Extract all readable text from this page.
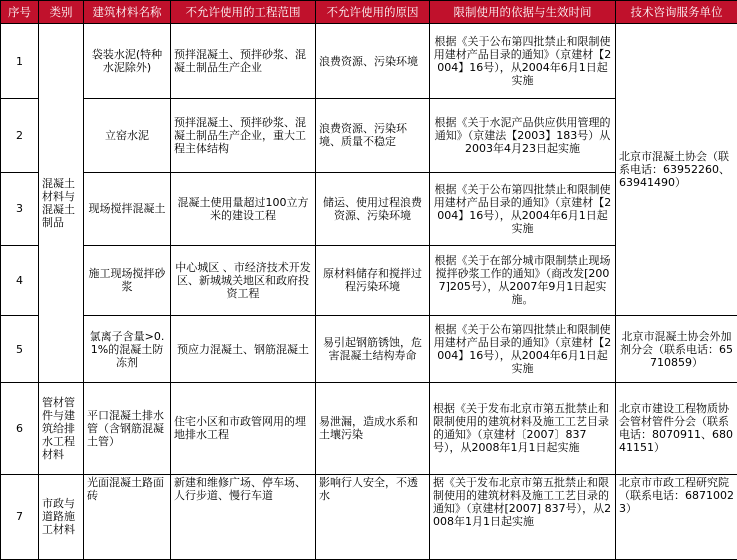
序号	类别	建筑材料名称	不允许使用的工程范围	不允许使用的原因	限制使用的依据与生效时间	技术咨询服务单位
1	混凝土材料与混凝土制品	袋装水泥(特种水泥除外)	预拌混凝土、预拌砂浆、混凝土制品生产企业	浪费资源、污染环境	根据《关于公布第四批禁止和限制使用建材产品目录的通知》（京建材【2004】16号），从2004年6月1日起实施	北京市混凝土协会（联系电话：63952260、63941490）
2		立窑水泥	预拌混凝土、预拌砂浆、混凝土制品生产企业，重大工程主体结构	浪费资源、污染环境、质量不稳定	根据《关于水泥产品供应供用管理的通知》（京建法【2003】183号）从2003年4月23日起实施	
3		现场搅拌混凝土	混凝土使用量超过100立方米的建设工程	储运、使用过程浪费资源、污染环境	根据《关于公布第四批禁止和限制使用建材产品目录的通知》（京建材【2004】16号），从2004年6月1日起实施	
4		施工现场搅拌砂浆	中心城区 、市经济技术开发区、新城城关地区和政府投资工程	原材料储存和搅拌过程污染环境	根据《关于在部分城市限制禁止现场搅拌砂浆工作的通知》（商改发[2007]205号），从2007年9月1日起实施。	
5		氯离子含量>0.1%的混凝土防冻剂	预应力混凝土、钢筋混凝土	易引起钢筋锈蚀，危害混凝土结构寿命	根据《关于公布第四批禁止和限制使用建材产品目录的通知》（京建材【2004】16号），从2004年6月1日起实施	北京市混凝土协会外加剂分会（联系电话：65710859）
6	管材管件与建筑给排水工程材料	平口混凝土排水管（含钢筋混凝土管）	住宅小区和市政管网用的埋地排水工程	易泄漏，造成水系和土壤污染	根据《关于发布北京市第五批禁止和限制使用的建筑材料及施工工艺目录的通知》（京建材〔2007〕837号），从2008年1月1日起实施	北京市建设工程物质协会管材管件分会（联系电话：8070911、68041151）
7	市政与道路施工材料	光面混凝土路面砖	新建和维修广场、停车场、人行步道、慢行车道	影响行人安全，不透水	据《关于发布北京市第五批禁止和限制使用的建筑材料及施工工艺目录的通知》（京建材[2007] 837号），从2008年1月1日起实施	北京市市政工程研究院（联系电话：68710023）
